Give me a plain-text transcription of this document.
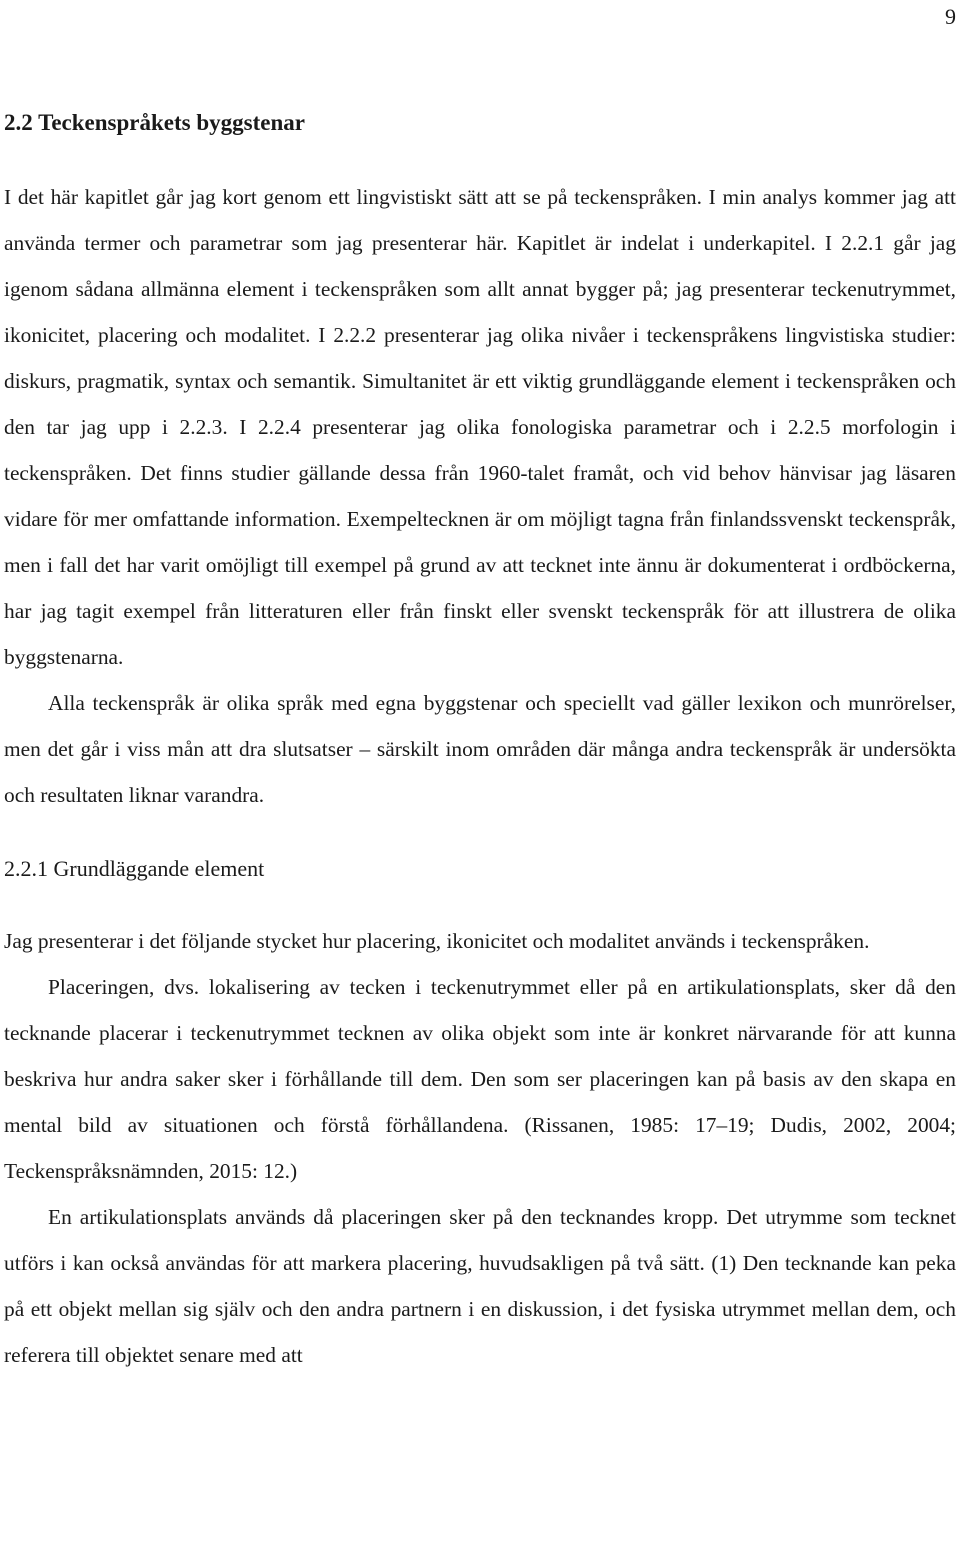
9
2.2 Teckenspråkets byggstenar

I det här kapitlet går jag kort genom ett lingvistiskt sätt att se på teckenspråken. I min analys kommer jag att använda termer och parametrar som jag presenterar här. Kapitlet är indelat i underkapitel. I 2.2.1 går jag igenom sådana allmänna element i teckenspråken som allt annat bygger på; jag presenterar teckenutrymmet, ikonicitet, placering och modalitet. I 2.2.2 presenterar jag olika nivåer i teckenspråkens lingvistiska studier: diskurs, pragmatik, syntax och semantik. Simultanitet är ett viktig grundläggande element i teckenspråken och den tar jag upp i 2.2.3. I 2.2.4 presenterar jag olika fonologiska parametrar och i 2.2.5 morfologin i teckenspråken. Det finns studier gällande dessa från 1960-talet framåt, och vid behov hänvisar jag läsaren vidare för mer omfattande information. Exempeltecknen är om möjligt tagna från finlandssvenskt teckenspråk, men i fall det har varit omöjligt till exempel på grund av att tecknet inte ännu är dokumenterat i ordböckerna, har jag tagit exempel från litteraturen eller från finskt eller svenskt teckenspråk för att illustrera de olika byggstenarna.

Alla teckenspråk är olika språk med egna byggstenar och speciellt vad gäller lexikon och munrörelser, men det går i viss mån att dra slutsatser – särskilt inom områden där många andra teckenspråk är undersökta och resultaten liknar varandra.

2.2.1 Grundläggande element

Jag presenterar i det följande stycket hur placering, ikonicitet och modalitet används i teckenspråken.

Placeringen, dvs. lokalisering av tecken i teckenutrymmet eller på en artikulationsplats, sker då den tecknande placerar i teckenutrymmet tecknen av olika objekt som inte är konkret närvarande för att kunna beskriva hur andra saker sker i förhållande till dem. Den som ser placeringen kan på basis av den skapa en mental bild av situationen och förstå förhållandena. (Rissanen, 1985: 17–19; Dudis, 2002, 2004; Teckenspråksnämnden, 2015: 12.)

En artikulationsplats används då placeringen sker på den tecknandes kropp. Det utrymme som tecknet utförs i kan också användas för att markera placering, huvudsakligen på två sätt. (1) Den tecknande kan peka på ett objekt mellan sig själv och den andra partnern i en diskussion, i det fysiska utrymmet mellan dem, och referera till objektet senare med att
